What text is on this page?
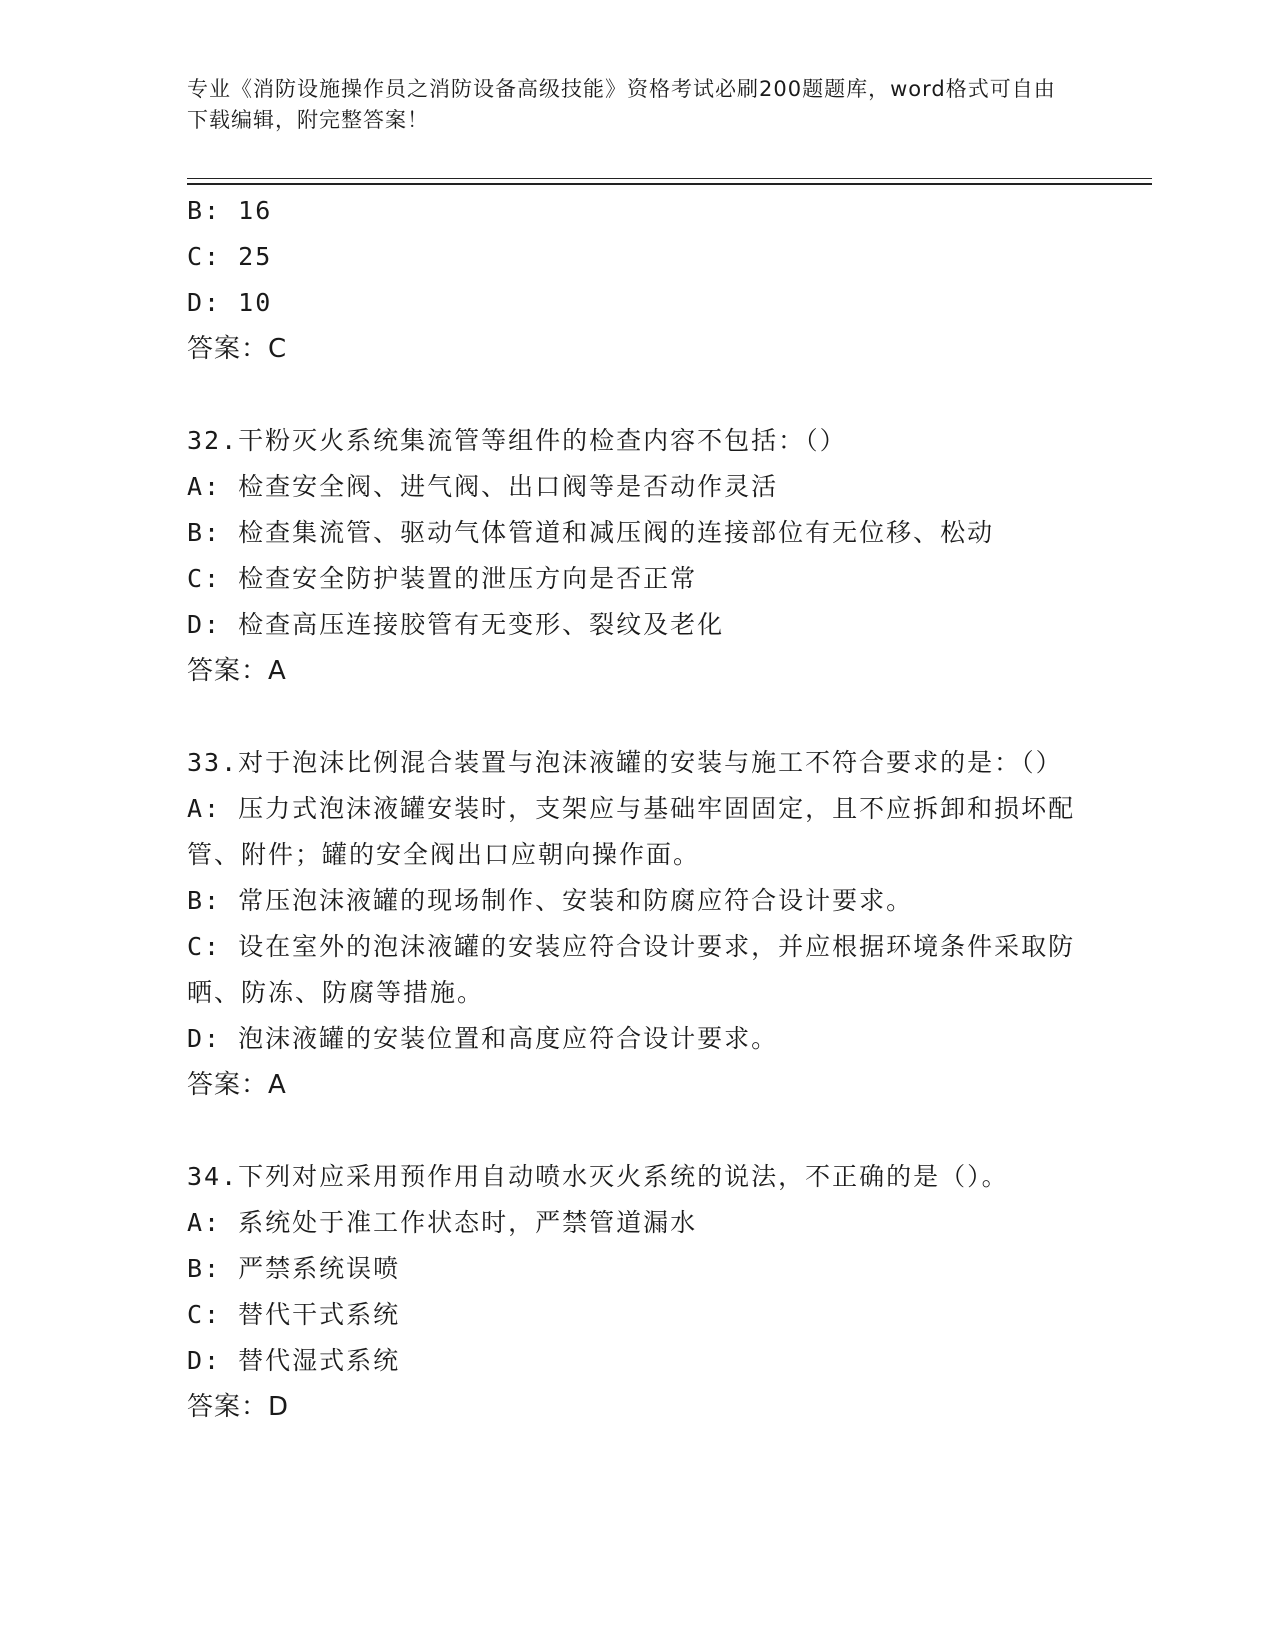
专业《消防设施操作员之消防设备高级技能》资格考试必刷200题题库，word格式可自由下载编辑，附完整答案！
B: 16
C: 25
D: 10
答案：C
32.干粉灭火系统集流管等组件的检查内容不包括：（）
A: 检查安全阀、进气阀、出口阀等是否动作灵活
B: 检查集流管、驱动气体管道和减压阀的连接部位有无位移、松动
C: 检查安全防护装置的泄压方向是否正常
D: 检查高压连接胶管有无变形、裂纹及老化
答案：A
33.对于泡沫比例混合装置与泡沫液罐的安装与施工不符合要求的是：（）
A: 压力式泡沫液罐安装时，支架应与基础牢固固定，且不应拆卸和损坏配管、附件；罐的安全阀出口应朝向操作面。
B: 常压泡沫液罐的现场制作、安装和防腐应符合设计要求。
C: 设在室外的泡沫液罐的安装应符合设计要求，并应根据环境条件采取防晒、防冻、防腐等措施。
D: 泡沫液罐的安装位置和高度应符合设计要求。
答案：A
34.下列对应采用预作用自动喷水灭火系统的说法，不正确的是（）。
A: 系统处于准工作状态时，严禁管道漏水
B: 严禁系统误喷
C: 替代干式系统
D: 替代湿式系统
答案：D
